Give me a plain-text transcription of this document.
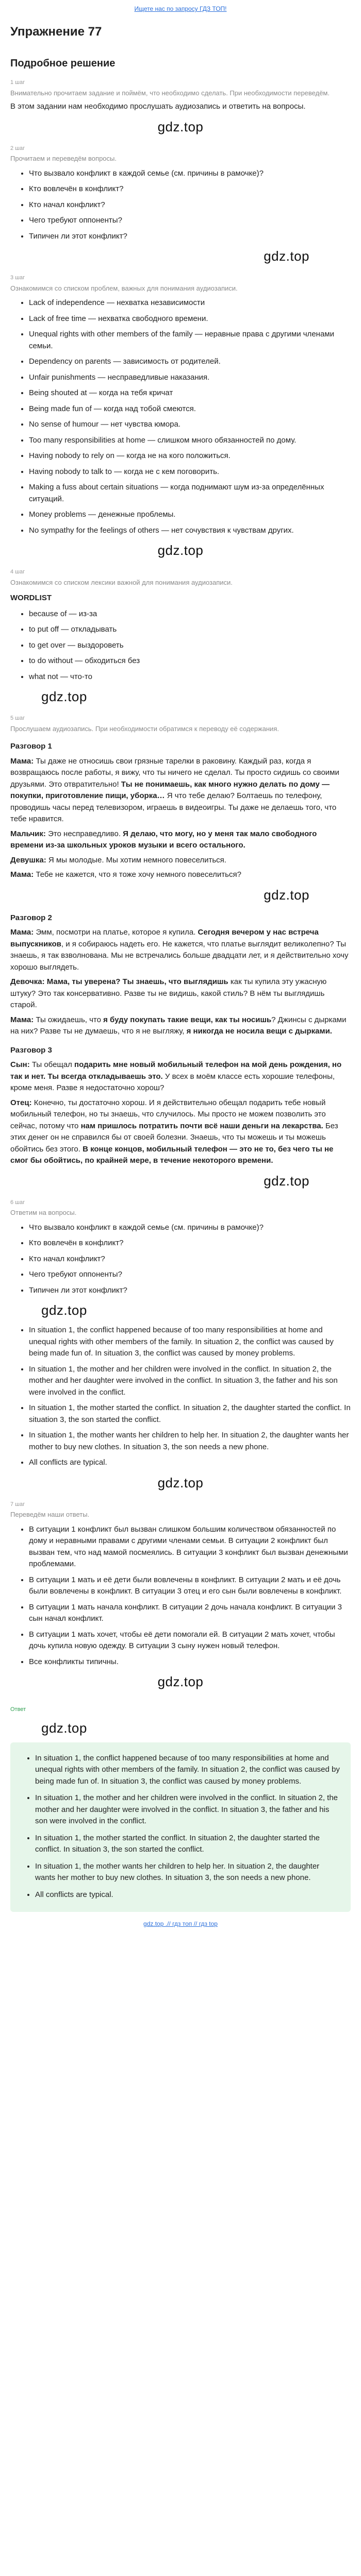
Ищете нас по запросу ГДЗ ТОП!
Упражнение 77
Подробное решение
1 шаг
Внимательно прочитаем задание и поймём, что необходимо сделать. При необходимости переведём.

В этом задании нам необходимо прослушать аудиозапись и ответить на вопросы.

gdz.top
2 шаг
Прочитаем и переведём вопросы.
• Что вызвало конфликт в каждой семье (см. причины в рамочке)?
• Кто вовлечён в конфликт?
• Кто начал конфликт?
• Чего требуют оппоненты?
• Типичен ли этот конфликт?
gdz.top
3 шаг
Ознакомимся со списком проблем, важных для понимания аудиозаписи.
• Lack of independence — нехватка независимости
• Lack of free time — нехватка свободного времени.
• Unequal rights with other members of the family — неравные права с другими членами семьи.
• Dependency on parents — зависимость от родителей.
• Unfair punishments — несправедливые наказания.
• Being shouted at — когда на тебя кричат
• Being made fun of — когда над тобой смеются.
• No sense of humour — нет чувства юмора.
• Too many responsibilities at home — слишком много обязанностей по дому.
• Having nobody to rely on — когда не на кого положиться.
• Having nobody to talk to — когда не с кем поговорить.
• Making a fuss about certain situations — когда поднимают шум из-за определённых ситуаций.
• Money problems — денежные проблемы.
• No sympathy for the feelings of others — нет сочувствия к чувствам других.
gdz.top
4 шаг
Ознакомимся со списком лексики важной для понимания аудиозаписи.
WORDLIST
• because of — из-за
• to put off — откладывать
• to get over — выздороветь
• to do without — обходиться без
• what not — что-то
gdz.top
5 шаг
Прослушаем аудиозапись. При необходимости обратимся к переводу её содержания.
Разговор 1

Мама: Ты даже не относишь свои грязные тарелки в раковину. Каждый раз, когда я возвращаюсь после работы, я вижу, что ты ничего не сделал. Ты просто сидишь со своими друзьями. Это отвратительно! Ты не понимаешь, как много нужно делать по дому — покупки, приготовление пищи, уборка… Я что тебе делаю? Болтаешь по телефону, проводишь часы перед телевизором, играешь в видеоигры. Ты даже не делаешь того, что тебе нравится.

Мальчик: Это несправедливо. Я делаю, что могу, но у меня так мало свободного времени из-за школьных уроков музыки и всего остального.

Девушка: Я мы молодые. Мы хотим немного повеселиться.

Мама: Тебе не кажется, что я тоже хочу немного повеселиться?

gdz.top
Разговор 2

Мама: Эмм, посмотри на платье, которое я купила. Сегодня вечером у нас встреча выпускников, и я собираюсь надеть его. Не кажется, что платье выглядит великолепно? Ты знаешь, я так взволнована. Мы не встречались больше двадцати лет, и я действительно хочу хорошо выглядеть.

Девочка: Мама, ты уверена? Ты знаешь, что выглядишь как ты купила эту ужасную штуку? Это так консервативно. Разве ты не видишь, какой стиль? В нём ты выглядишь старой.

Мама: Ты ожидаешь, что я буду покупать такие вещи, как ты носишь? Джинсы с дырками на них? Разве ты не думаешь, что я не выгляжу, я никогда не носила вещи с дырками.

Разговор 3

Сын: Ты обещал подарить мне новый мобильный телефон на мой день рождения, но так и нет. Ты всегда откладываешь это. У всех в моём классе есть хорошие телефоны, кроме меня. Разве я недостаточно хорош?

Отец: Конечно, ты достаточно хорош. И я действительно обещал подарить тебе новый мобильный телефон, но ты знаешь, что случилось. Мы просто не можем позволить это сейчас, потому что нам пришлось потратить почти всё наши деньги на лекарства. Без этих денег он не справился бы от своей болезни. Знаешь, что ты можешь и ты можешь обойтись без этого. В конце концов, мобильный телефон — это не то, без чего ты не смог бы обойтись, по крайней мере, в течение некоторого времени.

gdz.top
6 шаг
Ответим на вопросы.
• Что вызвало конфликт в каждой семье (см. причины в рамочке)?
• Кто вовлечён в конфликт?
• Кто начал конфликт?
• Чего требуют оппоненты?
• Типичен ли этот конфликт?
gdz.top
• In situation 1, the conflict happened because of too many responsibilities at home and unequal rights with other members of the family. In situation 2, the conflict was caused by being made fun of. In situation 3, the conflict was caused by money problems.
• In situation 1, the mother and her children were involved in the conflict. In situation 2, the mother and her daughter were involved in the conflict. In situation 3, the father and his son were involved in the conflict.
• In situation 1, the mother started the conflict. In situation 2, the daughter started the conflict. In situation 3, the son started the conflict.
• In situation 1, the mother wants her children to help her. In situation 2, the daughter wants her mother to buy new clothes. In situation 3, the son needs a new phone.
• All conflicts are typical.
gdz.top
7 шаг
Переведём наши ответы.
• В ситуации 1 конфликт был вызван слишком большим количеством обязанностей по дому и неравными правами с другими членами семьи. В ситуации 2 конфликт был вызван тем, что над мамой посмеялись. В ситуации 3 конфликт был вызван денежными проблемами.
• В ситуации 1 мать и её дети были вовлечены в конфликт. В ситуации 2 мать и её дочь были вовлечены в конфликт. В ситуации 3 отец и его сын были вовлечены в конфликт.
• В ситуации 1 мать начала конфликт. В ситуации 2 дочь начала конфликт. В ситуации 3 сын начал конфликт.
• В ситуации 1 мать хочет, чтобы её дети помогали ей. В ситуации 2 мать хочет, чтобы дочь купила новую одежду. В ситуации 3 сыну нужен новый телефон.
• Все конфликты типичны.
gdz.top
Ответ
gdz.top
• In situation 1, the conflict happened because of too many responsibilities at home and unequal rights with other members of the family. In situation 2, the conflict was caused by being made fun of. In situation 3, the conflict was caused by money problems.
• In situation 1, the mother and her children were involved in the conflict. In situation 2, the mother and her daughter were involved in the conflict. In situation 3, the father and his son were involved in the conflict.
• In situation 1, the mother started the conflict. In situation 2, the daughter started the conflict. In situation 3, the son started the conflict.
• In situation 1, the mother wants her children to help her. In situation 2, the daughter wants her mother to buy new clothes. In situation 3, the son needs a new phone.
• All conflicts are typical.
gdz.top .// гдз топ // гдз top
